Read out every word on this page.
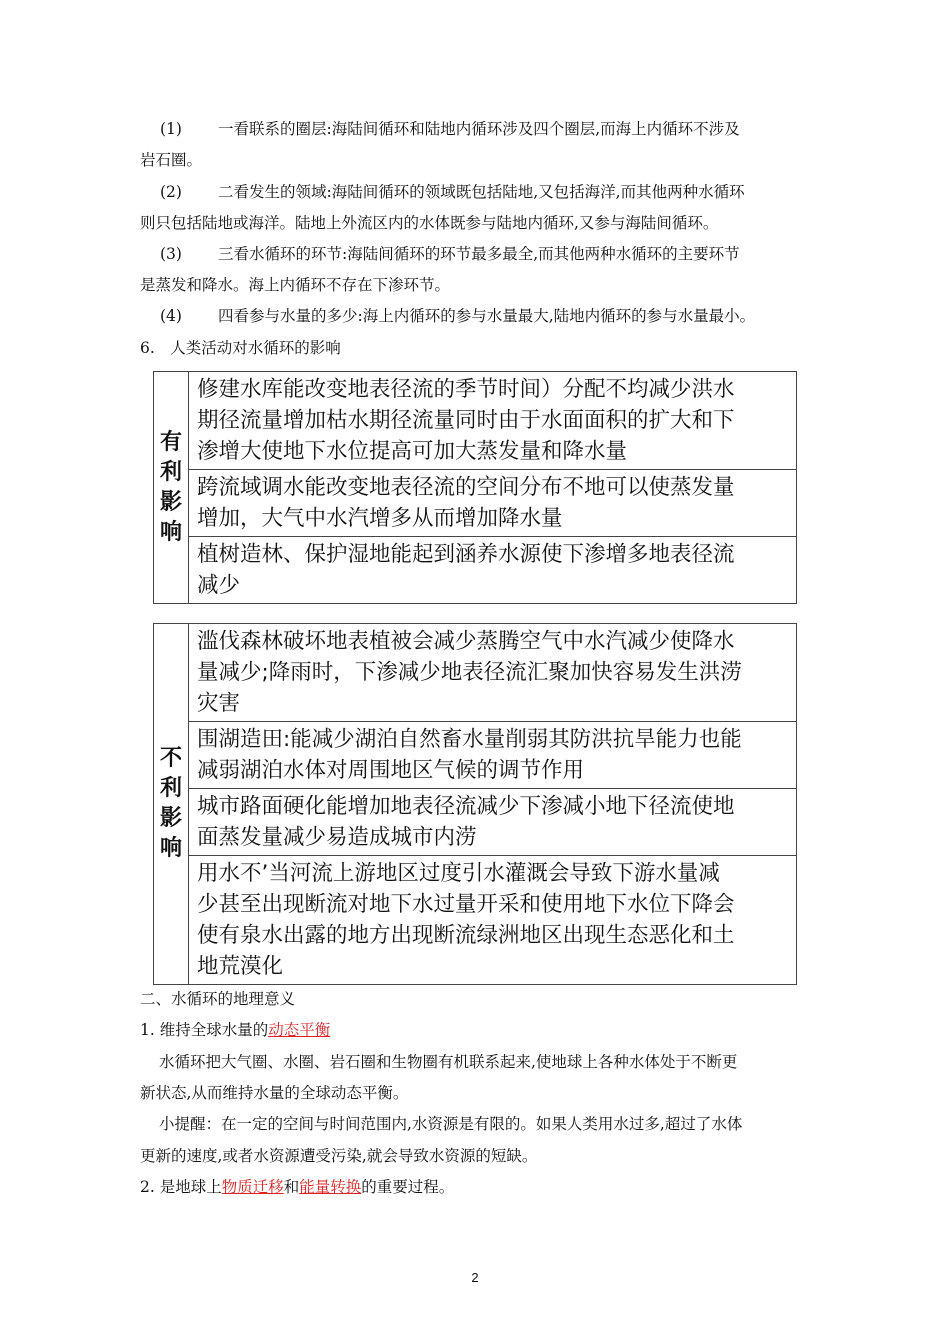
(1) 一看联系的圈层:海陆间循环和陆地内循环涉及四个圈层,而海上内循环不涉及
岩石圈。
(2) 二看发生的领域:海陆间循环的领域既包括陆地,又包括海洋,而其他两种水循环
则只包括陆地或海洋。陆地上外流区内的水体既参与陆地内循环,又参与海陆间循环。
(3) 三看水循环的环节:海陆间循环的环节最多最全,而其他两种水循环的主要环节
是蒸发和降水。海上内循环不存在下渗环节。
(4) 四看参与水量的多少:海上内循环的参与水量最大,陆地内循环的参与水量最小。
6.　人类活动对水循环的影响
有
利
影
响

修建水库能改变地表径流的季节时间）分配不均减少洪水
期径流量增加枯水期径流量同时由于水面面积的扩大和下
渗增大使地下水位提高可加大蒸发量和降水量

跨流域调水能改变地表径流的空间分布不地可以使蒸发量
增加，大气中水汽增多从而增加降水量

植树造林、保护湿地能起到涵养水源使下渗增多地表径流
减少
不
利
影
响

滥伐森林破坏地表植被会减少蒸腾空气中水汽减少使降水
量减少;降雨时，下渗减少地表径流汇聚加快容易发生洪涝
灾害

围湖造田:能减少湖泊自然畜水量削弱其防洪抗旱能力也能
减弱湖泊水体对周围地区气候的调节作用

城市路面硬化能增加地表径流减少下渗减小地下径流使地
面蒸发量减少易造成城市内涝

用水不’当河流上游地区过度引水灌溉会导致下游水量减
少甚至出现断流对地下水过量开采和使用地下水位下降会
使有泉水出露的地方出现断流绿洲地区出现生态恶化和土
地荒漠化
二、水循环的地理意义
1. 维持全球水量的动态平衡
水循环把大气圈、水圈、岩石圈和生物圈有机联系起来,使地球上各种水体处于不断更
新状态,从而维持水量的全球动态平衡。
小提醒：在一定的空间与时间范围内,水资源是有限的。如果人类用水过多,超过了水体
更新的速度,或者水资源遭受污染,就会导致水资源的短缺。
2. 是地球上物质迁移和能量转换的重要过程。
2
